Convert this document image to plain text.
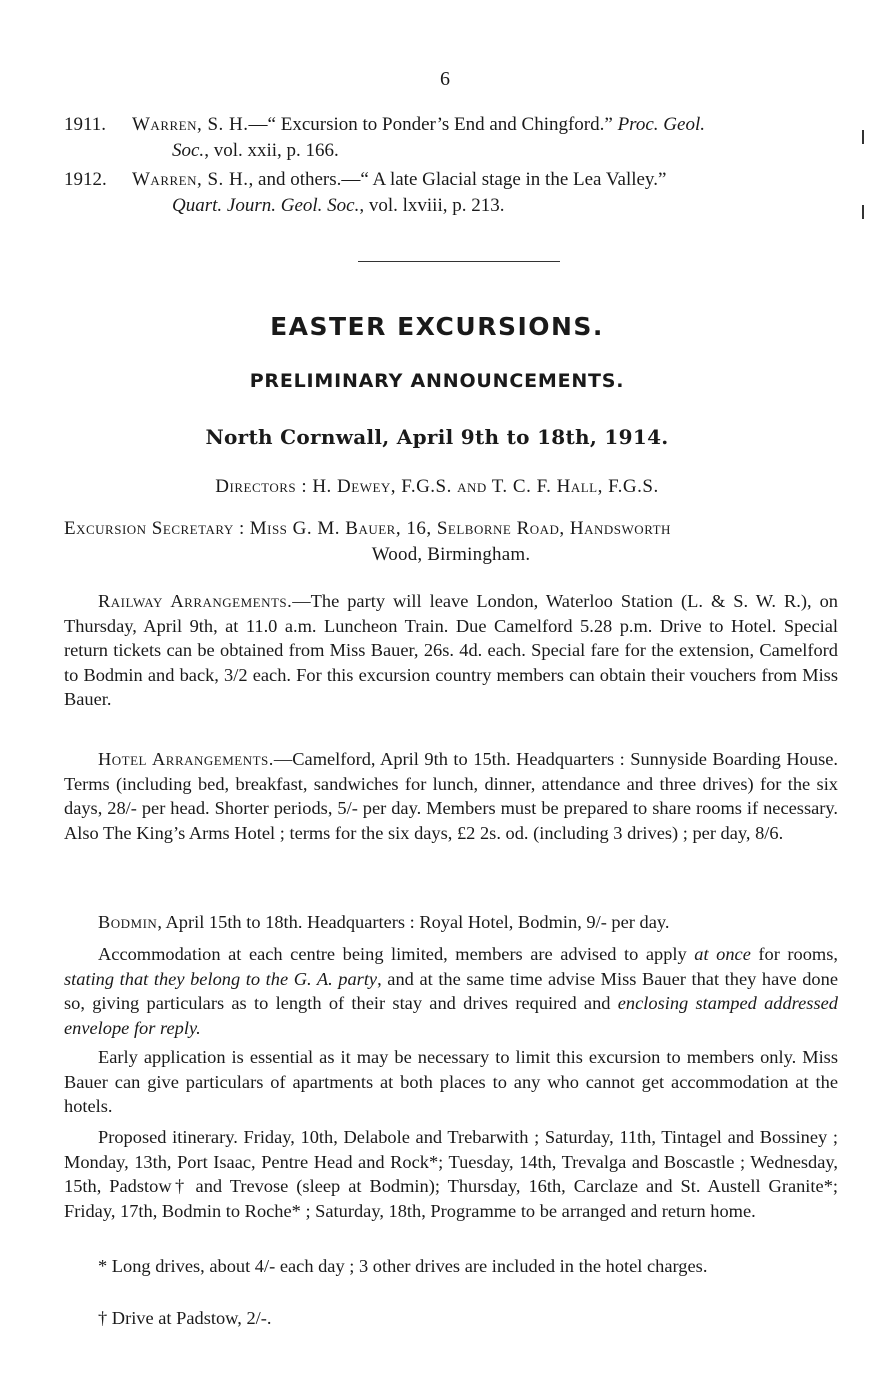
6
1911. Warren, S. H.—“ Excursion to Ponder’s End and Chingford.” Proc. Geol.
Soc., vol. xxii, p. 166.
1912. Warren, S. H., and others.—“ A late Glacial stage in the Lea Valley.”
Quart. Journ. Geol. Soc., vol. lxviii, p. 213.
EASTER EXCURSIONS.
PRELIMINARY ANNOUNCEMENTS.
North Cornwall, April 9th to 18th, 1914.
Directors : H. Dewey, F.G.S. and T. C. F. Hall, F.G.S.
Excursion Secretary : Miss G. M. Bauer, 16, Selborne Road, Handsworth
Wood, Birmingham.

Railway Arrangements.—The party will leave London, Waterloo Station (L. & S. W. R.), on Thursday, April 9th, at 11.0 a.m. Luncheon Train. Due Camelford 5.28 p.m. Drive to Hotel. Special return tickets can be obtained from Miss Bauer, 26s. 4d. each. Special fare for the extension, Camelford to Bodmin and back, 3/2 each. For this excursion country members can obtain their vouchers from Miss Bauer.

Hotel Arrangements.—Camelford, April 9th to 15th. Headquarters : Sunnyside Boarding House. Terms (including bed, breakfast, sandwiches for lunch, dinner, attendance and three drives) for the six days, 28/- per head. Shorter periods, 5/- per day. Members must be prepared to share rooms if necessary. Also The King’s Arms Hotel ; terms for the six days, £2 2s. od. (including 3 drives) ; per day, 8/6.

Bodmin, April 15th to 18th. Headquarters : Royal Hotel, Bodmin, 9/- per day.

Accommodation at each centre being limited, members are advised to apply at once for rooms, stating that they belong to the G. A. party, and at the same time advise Miss Bauer that they have done so, giving particulars as to length of their stay and drives required and enclosing stamped addressed envelope for reply.

Early application is essential as it may be necessary to limit this excursion to members only. Miss Bauer can give particulars of apartments at both places to any who cannot get accommodation at the hotels.

Proposed itinerary. Friday, 10th, Delabole and Trebarwith ; Saturday, 11th, Tintagel and Bossiney ; Monday, 13th, Port Isaac, Pentre Head and Rock*; Tuesday, 14th, Trevalga and Boscastle ; Wednesday, 15th, Padstow† and Trevose (sleep at Bodmin); Thursday, 16th, Carclaze and St. Austell Granite*; Friday, 17th, Bodmin to Roche* ; Saturday, 18th, Programme to be arranged and return home.

* Long drives, about 4/- each day ; 3 other drives are included in the hotel charges.

† Drive at Padstow, 2/-.
